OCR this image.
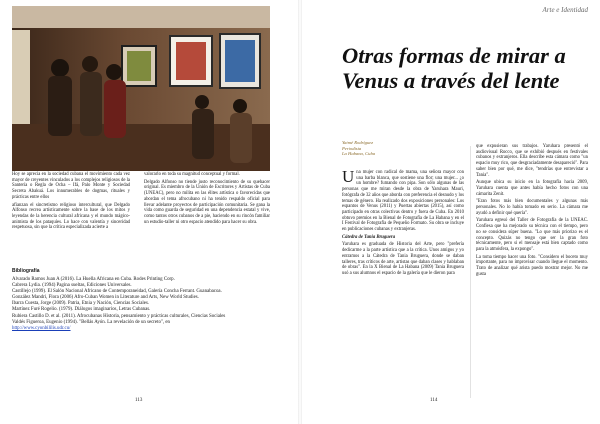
Hoy se aprecia en la sociedad cubana el movimiento cada vez mayor de creyentes vinculados a los complejos religiosos de la Santería o Regla de Ocha – Ifá, Palo Monte y Sociedad Secreta Abakuá. Los innumerables de dogmas, rituales y prácticas entre ellos

afianzan el sincretismo religioso intercultural, que Delgado Alfonso recrea artísticamente sobre la base de los mitos y leyendas de la herencia cultural africana y el mundo mágico-animista de los pataquíes. Lo hace con valentía y sinceridad respetuosa, sin que la crítica especializada acierte a

valorarlo en toda su magnitud conceptual y formal.

Delgado Alfonso no tiende justo reconocimiento de su quehacer original. Es miembro de la Unión de Escritores y Artistas de Cuba (UNEAC), pero no milita en las élites artística o favorecidas que abordan el tema afrocubano ni ha tenido respaldo oficial para llevar adelante proyectos de participación comunitaria. Se gana la vida como guarda de seguridad en una dependencia estatal y vive, como tantos otros cubanos de a pie, haciendo en su rincón familiar un estudio-taller ni otro espacio atendido para hacer su obra.

Bibliografía
Alvarado Ramos Juan A (2016). La Huella Africana en Cuba. Rodes Printing Corp.
Cabrera Lydia. (1994) Pagina sueltas, Ediciones Universales.
Castillejo (1999). El Salón Nacional Africano de Contemporaneidad, Galería Concha Ferrant. Guanabacoa.
González Mandri, Flora (2006) Afro-Cuban Women in Literature and Arts, New World Studies.
Ibarra Cuesta, Jorge (2009). Patria, Etnia y Nación, Ciencias Sociales.
Martínez Furé Rogelio. (1979). Diálogos imaginarios, Letras Cubanas.
Rubiera Castillo D. et al. (2011). Afrocubanas Historia, pensamiento y prácticas culturales, Ciencias Sociales
Valdés Figueroa, Eugenio (1994). "Bellás Ayón. La revelación de un secreto", en
http://www.cyonbililis.udr.cu/
113
Arte e Identidad
Otras formas de mirar a Venus a través del lente
Yaimé Rodríguez
Periodista
La Habana, Cuba

Una mujer con radical de mama, una señora mayor con una barba blanca, que sostiene una flor; una mujer... ¿o un hombre? fumando con pipa. Son sólo algunas de las personas que me miran desde la obra de Yaruhara Mauri, fotógrafa de 32 años que aborda con preferencia el desnudo y los temas de género. Ha realizado dos exposiciones personales: Los espantos de Venus (2011) y Puertas abiertas (2015), así como participado en otras colectivas dentro y fuera de Cuba. En 2010 obtuvo premios en la Bienal de Fotografía de La Habana y en el I Festival de Fotografía de Pequeño Formato. Su obra se incluye en publicaciones cubanas y extranjeras.

Cátedra de Tania Bruguera

Yaruhara es graduada de Historia del Arte, pero "prefería dedicarme a la parte artística que a la crítica. Unos amigos y yo entramos a la Cátedra de Tania Bruguera, donde se daban talleres, tras críticos de arte, artistas que daban clases y hablaban de obras". En la X Bienal de La Habana (2009) Tania Bruguera usó a sus alumnos el espacio de la galería que le dieron para

que expusieran sus trabajos. Yaruhara presentó el audiovisual Rocco, que se exhibió después en festivales cubanos y extranjeros. Ella describe esta cámara como "un espacio muy rico, que desgraciadamente desapareció". Para saber bien por qué, me dice, "tendrías que entrevistar a Tania".

Aunque ubica su inicio en la fotografía hacia 2009, Yaruhara cuenta que antes había hecho fotos con una cámarita Zenit.

"Eran fotos más bien documentales y algunas más personales. No lo había tomado en serio. La cámara me ayudó a definir qué quería".

Yaruhara egresó del Taller de Fotografía de la UNEAC. Confiesa que ha mejorado su técnica con el tiempo, pero no se considera súper buena. "Lo que más priorizo es el concepto. Quizás no tengo que ser la gran foto técnicamente, pero si el mensaje está bien captado como para la atmósfera, la expongo".

La toma tiempo hacer una foto. "Considero el boceto muy importante, para no improvisar cuando llegue el momento. Trato de analizar qué arista puedo mostrar mejor. No me gusta

114
